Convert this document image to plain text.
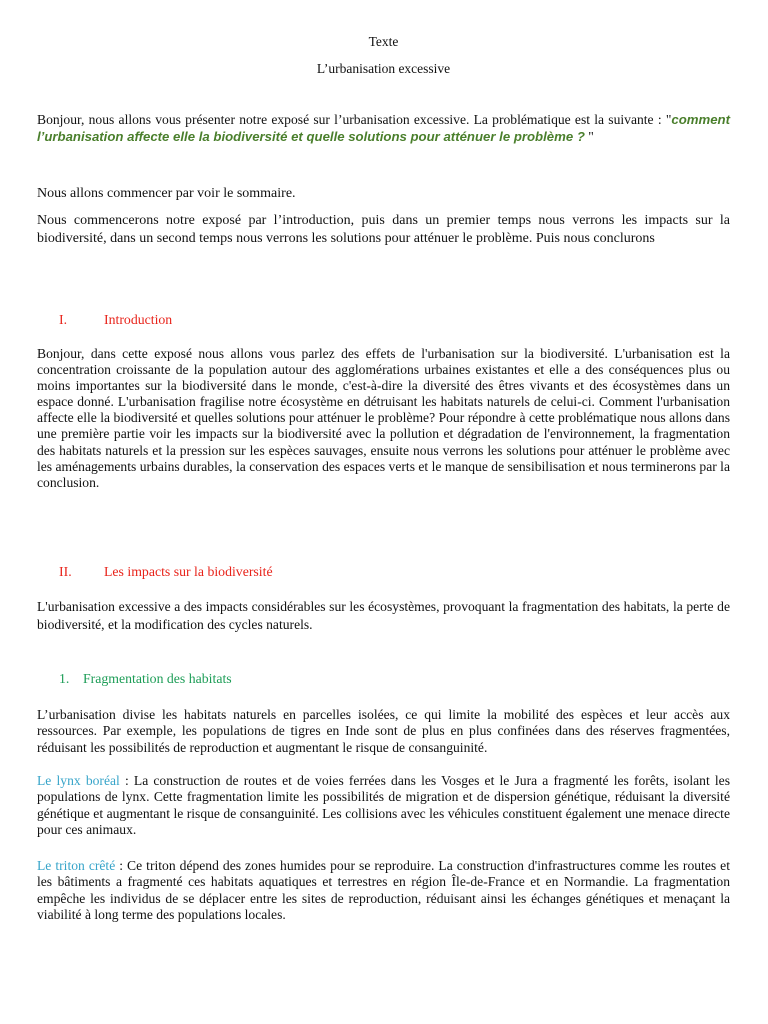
Texte
L’urbanisation excessive
Bonjour, nous allons vous présenter notre exposé sur l’urbanisation excessive. La problématique est la suivante : "comment l’urbanisation affecte elle la biodiversité et quelle solutions pour atténuer le problème ? "
Nous allons commencer par voir le sommaire.
Nous commencerons notre exposé par l’introduction, puis dans un premier temps nous verrons les impacts sur la biodiversité, dans un second temps nous verrons les solutions pour atténuer le problème. Puis nous conclurons
I.	Introduction
Bonjour, dans cette exposé nous allons vous parlez des effets de l'urbanisation sur la biodiversité. L'urbanisation est la concentration croissante de la population autour des agglomérations urbaines existantes et elle a des conséquences plus ou moins importantes sur la biodiversité dans le monde, c'est-à-dire la diversité des êtres vivants et des écosystèmes dans un espace donné. L'urbanisation fragilise notre écosystème en détruisant les habitats naturels de celui-ci. Comment l'urbanisation affecte elle la biodiversité et quelles solutions pour atténuer le problème? Pour répondre à cette problématique nous allons dans une première partie voir les impacts sur la biodiversité avec la pollution et dégradation de l'environnement, la fragmentation des habitats naturels et la pression sur les espèces sauvages, ensuite nous verrons les solutions pour atténuer le problème avec les aménagements urbains durables, la conservation des espaces verts et le manque de sensibilisation et nous terminerons par la conclusion.
II. Les impacts sur la biodiversité
L'urbanisation excessive a des impacts considérables sur les écosystèmes, provoquant la fragmentation des habitats, la perte de biodiversité, et la modification des cycles naturels.
1. Fragmentation des habitats
L’urbanisation divise les habitats naturels en parcelles isolées, ce qui limite la mobilité des espèces et leur accès aux ressources. Par exemple, les populations de tigres en Inde sont de plus en plus confinées dans des réserves fragmentées, réduisant les possibilités de reproduction et augmentant le risque de consanguinité.
Le lynx boréal : La construction de routes et de voies ferrées dans les Vosges et le Jura a fragmenté les forêts, isolant les populations de lynx. Cette fragmentation limite les possibilités de migration et de dispersion génétique, réduisant la diversité génétique et augmentant le risque de consanguinité. Les collisions avec les véhicules constituent également une menace directe pour ces animaux.
Le triton crêté : Ce triton dépend des zones humides pour se reproduire. La construction d'infrastructures comme les routes et les bâtiments a fragmenté ces habitats aquatiques et terrestres en région Île-de-France et en Normandie. La fragmentation empêche les individus de se déplacer entre les sites de reproduction, réduisant ainsi les échanges génétiques et menaçant la viabilité à long terme des populations locales.
